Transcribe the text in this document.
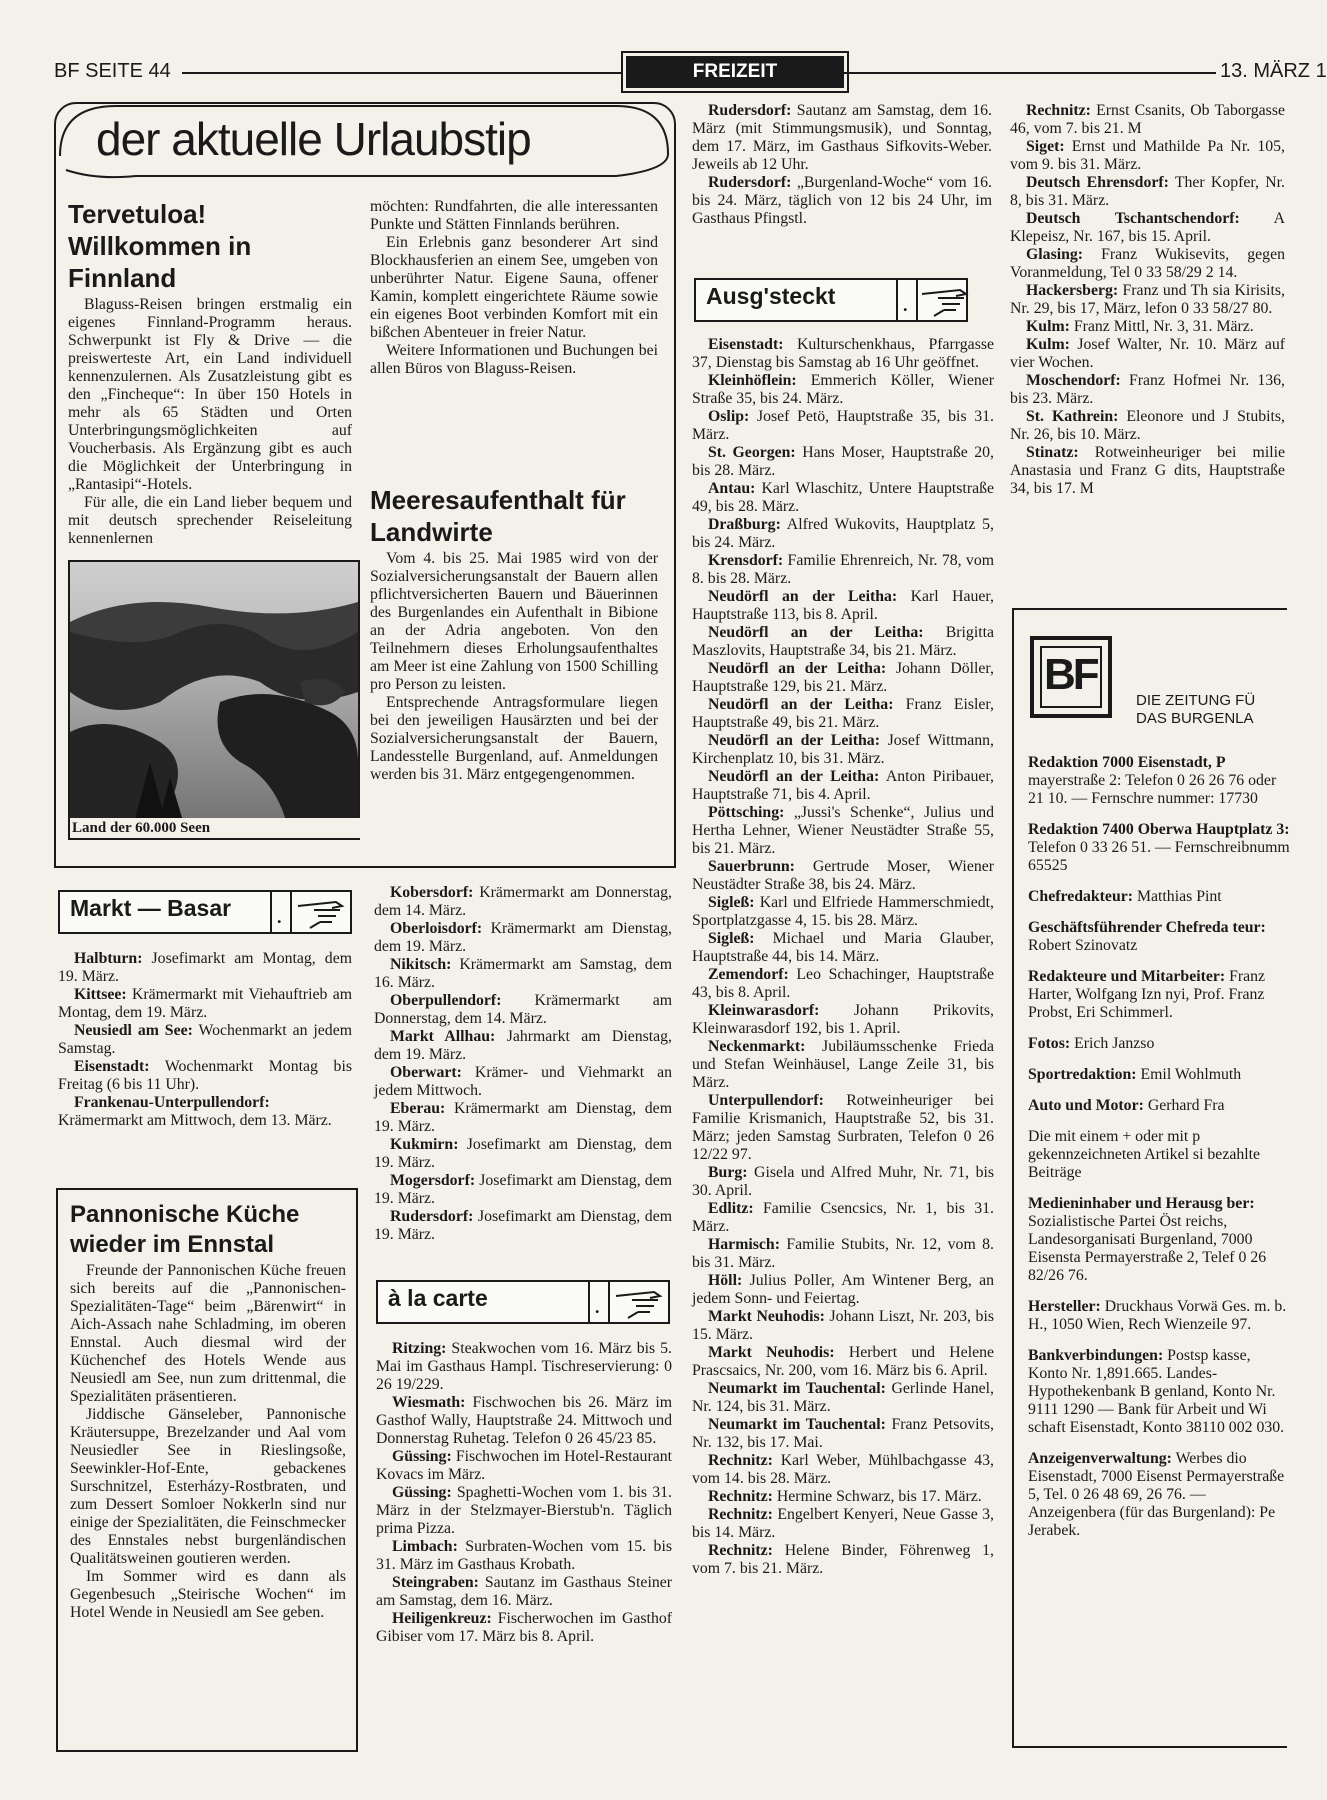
BF SEITE 44	FREIZEIT	13. MÄRZ 1
der aktuelle Urlaubstip
Tervetuloa! Willkommen in Finnland

Blaguss-Reisen bringen erstmalig ein eigenes Finnland-Programm heraus. Schwerpunkt ist Fly & Drive — die preiswerteste Art, ein Land individuell kennenzulernen. Als Zusatzleistung gibt es den „Fincheque“: In über 150 Hotels in mehr als 65 Städten und Orten Unterbringungsmöglichkeiten auf Voucherbasis. Als Ergänzung gibt es auch die Möglichkeit der Unterbringung in „Rantasipi“-Hotels.

Für alle, die ein Land lieber bequem und mit deutsch sprechender Reiseleitung kennenlernen

Land der 60.000 Seen

möchten: Rundfahrten, die alle interessanten Punkte und Stätten Finnlands berühren.

Ein Erlebnis ganz besonderer Art sind Blockhausferien an einem See, umgeben von unberührter Natur. Eigene Sauna, offener Kamin, komplett eingerichtete Räume sowie ein eigenes Boot verbinden Komfort mit ein bißchen Abenteuer in freier Natur.

Weitere Informationen und Buchungen bei allen Büros von Blaguss-Reisen.

Meeresaufenthalt für Landwirte

Vom 4. bis 25. Mai 1985 wird von der Sozialversicherungsanstalt der Bauern allen pflichtversicherten Bauern und Bäuerinnen des Burgenlandes ein Aufenthalt in Bibione an der Adria angeboten. Von den Teilnehmern dieses Erholungsaufenthaltes am Meer ist eine Zahlung von 1500 Schilling pro Person zu leisten.

Entsprechende Antragsformulare liegen bei den jeweiligen Hausärzten und bei der Sozialversicherungsanstalt der Bauern, Landesstelle Burgenland, auf. Anmeldungen werden bis 31. März entgegengenommen.

Markt — Basar	.

Halbturn: Josefimarkt am Montag, dem 19. März.

Kittsee: Krämermarkt mit Viehauftrieb am Montag, dem 19. März.

Neusiedl am See: Wochenmarkt an jedem Samstag.

Eisenstadt: Wochenmarkt Montag bis Freitag (6 bis 11 Uhr).

Frankenau-Unterpullendorf: Krämermarkt am Mittwoch, dem 13. März.

Kobersdorf: Krämermarkt am Donnerstag, dem 14. März.

Oberloisdorf: Krämermarkt am Dienstag, dem 19. März.

Nikitsch: Krämermarkt am Samstag, dem 16. März.

Oberpullendorf: Krämermarkt am Donnerstag, dem 14. März.

Markt Allhau: Jahrmarkt am Dienstag, dem 19. März.

Oberwart: Krämer- und Viehmarkt an jedem Mittwoch.

Eberau: Krämermarkt am Dienstag, dem 19. März.

Kukmirn: Josefimarkt am Dienstag, dem 19. März.

Mogersdorf: Josefimarkt am Dienstag, dem 19. März.

Rudersdorf: Josefimarkt am Dienstag, dem 19. März.

Pannonische Küche wieder im Ennstal

Freunde der Pannonischen Küche freuen sich bereits auf die „Pannonischen-Spezialitäten-Tage“ beim „Bärenwirt“ in Aich-Assach nahe Schladming, im oberen Ennstal. Auch diesmal wird der Küchenchef des Hotels Wende aus Neusiedl am See, nun zum drittenmal, die Spezialitäten präsentieren.

Jiddische Gänseleber, Pannonische Kräutersuppe, Brezelzander und Aal vom Neusiedler See in Rieslingsoße, Seewinkler-Hof-Ente, gebackenes Surschnitzel, Esterházy-Rostbraten, und zum Dessert Somloer Nokkerln sind nur einige der Spezialitäten, die Feinschmecker des Ennstales nebst burgenländischen Qualitätsweinen goutieren werden.

Im Sommer wird es dann als Gegenbesuch „Steirische Wochen“ im Hotel Wende in Neusiedl am See geben.

à la carte	.

Ritzing: Steakwochen vom 16. März bis 5. Mai im Gasthaus Hampl. Tischreservierung: 0 26 19/229.

Wiesmath: Fischwochen bis 26. März im Gasthof Wally, Hauptstraße 24. Mittwoch und Donnerstag Ruhetag. Telefon 0 26 45/23 85.

Güssing: Fischwochen im Hotel-Restaurant Kovacs im März.

Güssing: Spaghetti-Wochen vom 1. bis 31. März in der Stelzmayer-Bierstub'n. Täglich prima Pizza.

Limbach: Surbraten-Wochen vom 15. bis 31. März im Gasthaus Krobath.

Steingraben: Sautanz im Gasthaus Steiner am Samstag, dem 16. März.

Heiligenkreuz: Fischerwochen im Gasthof Gibiser vom 17. März bis 8. April.

Rudersdorf: Sautanz am Samstag, dem 16. März (mit Stimmungsmusik), und Sonntag, dem 17. März, im Gasthaus Sifkovits-Weber. Jeweils ab 12 Uhr.

Rudersdorf: „Burgenland-Woche“ vom 16. bis 24. März, täglich von 12 bis 24 Uhr, im Gasthaus Pfingstl.

Ausg'steckt	.

Eisenstadt: Kulturschenkhaus, Pfarrgasse 37, Dienstag bis Samstag ab 16 Uhr geöffnet.

Kleinhöflein: Emmerich Köller, Wiener Straße 35, bis 24. März.

Oslip: Josef Petö, Hauptstraße 35, bis 31. März.

St. Georgen: Hans Moser, Hauptstraße 20, bis 28. März.

Antau: Karl Wlaschitz, Untere Hauptstraße 49, bis 28. März.

Draßburg: Alfred Wukovits, Hauptplatz 5, bis 24. März.

Krensdorf: Familie Ehrenreich, Nr. 78, vom 8. bis 28. März.

Neudörfl an der Leitha: Karl Hauer, Hauptstraße 113, bis 8. April.

Neudörfl an der Leitha: Brigitta Maszlovits, Hauptstraße 34, bis 21. März.

Neudörfl an der Leitha: Johann Döller, Hauptstraße 129, bis 21. März.

Neudörfl an der Leitha: Franz Eisler, Hauptstraße 49, bis 21. März.

Neudörfl an der Leitha: Josef Wittmann, Kirchenplatz 10, bis 31. März.

Neudörfl an der Leitha: Anton Piribauer, Hauptstraße 71, bis 4. April.

Pöttsching: „Jussi's Schenke“, Julius und Hertha Lehner, Wiener Neustädter Straße 55, bis 21. März.

Sauerbrunn: Gertrude Moser, Wiener Neustädter Straße 38, bis 24. März.

Sigleß: Karl und Elfriede Hammerschmiedt, Sportplatzgasse 4, 15. bis 28. März.

Sigleß: Michael und Maria Glauber, Hauptstraße 44, bis 14. März.

Zemendorf: Leo Schachinger, Hauptstraße 43, bis 8. April.

Kleinwarasdorf: Johann Prikovits, Kleinwarasdorf 192, bis 1. April.

Neckenmarkt: Jubiläumsschenke Frieda und Stefan Weinhäusel, Lange Zeile 31, bis März.

Unterpullendorf: Rotweinheuriger bei Familie Krismanich, Hauptstraße 52, bis 31. März; jeden Samstag Surbraten, Telefon 0 26 12/22 97.

Burg: Gisela und Alfred Muhr, Nr. 71, bis 30. April.

Edlitz: Familie Csencsics, Nr. 1, bis 31. März.

Harmisch: Familie Stubits, Nr. 12, vom 8. bis 31. März.

Höll: Julius Poller, Am Wintener Berg, an jedem Sonn- und Feiertag.

Markt Neuhodis: Johann Liszt, Nr. 203, bis 15. März.

Markt Neuhodis: Herbert und Helene Prascsaics, Nr. 200, vom 16. März bis 6. April.

Neumarkt im Tauchental: Gerlinde Hanel, Nr. 124, bis 31. März.

Neumarkt im Tauchental: Franz Petsovits, Nr. 132, bis 17. Mai.

Rechnitz: Karl Weber, Mühlbachgasse 43, vom 14. bis 28. März.

Rechnitz: Hermine Schwarz, bis 17. März.

Rechnitz: Engelbert Kenyeri, Neue Gasse 3, bis 14. März.

Rechnitz: Helene Binder, Föhrenweg 1, vom 7. bis 21. März.

Rechnitz: Ernst Csanits, Ob Taborgasse 46, vom 7. bis 21. M

Siget: Ernst und Mathilde Pa Nr. 105, vom 9. bis 31. März.

Deutsch Ehrensdorf: Ther Kopfer, Nr. 8, bis 31. März.

Deutsch Tschantschendorf: A Klepeisz, Nr. 167, bis 15. April.

Glasing: Franz Wukisevits, gegen Voranmeldung, Tel 0 33 58/29 2 14.

Hackersberg: Franz und Th sia Kirisits, Nr. 29, bis 17, März, lefon 0 33 58/27 80.

Kulm: Franz Mittl, Nr. 3, 31. März.

Kulm: Josef Walter, Nr. 10. März auf vier Wochen.

Moschendorf: Franz Hofmei Nr. 136, bis 23. März.

St. Kathrein: Eleonore und J Stubits, Nr. 26, bis 10. März.

Stinatz: Rotweinheuriger bei milie Anastasia und Franz G dits, Hauptstraße 34, bis 17. M

BF
DIE ZEITUNG FÜ
DAS BURGENLA

Redaktion 7000 Eisenstadt, P mayerstraße 2: Telefon 0 26 26 76 oder 21 10. — Fernschre nummer: 17730

Redaktion 7400 Oberwa Hauptplatz 3: Telefon 0 33 26 51. — Fernschreibnumm 65525

Chefredakteur: Matthias Pint

Geschäftsführender Chefreda teur: Robert Szinovatz

Redakteure und Mitarbeiter: Franz Harter, Wolfgang Izn nyi, Prof. Franz Probst, Eri Schimmerl.

Fotos: Erich Janzso

Sportredaktion: Emil Wohlmuth

Auto und Motor: Gerhard Fra

Die mit einem + oder mit p gekennzeichneten Artikel si bezahlte Beiträge

Medieninhaber und Herausg ber: Sozialistische Partei Öst reichs, Landesorganisati Burgenland, 7000 Eisensta Permayerstraße 2, Telef 0 26 82/26 76.

Hersteller: Druckhaus Vorwä Ges. m. b. H., 1050 Wien, Rech Wienzeile 97.

Bankverbindungen: Postsp kasse, Konto Nr. 1,891.665. Landes-Hypothekenbank B genland, Konto Nr. 9111 1290 — Bank für Arbeit und Wi schaft Eisenstadt, Konto 38110 002 030.

Anzeigenverwaltung: Werbes dio Eisenstadt, 7000 Eisenst Permayerstraße 5, Tel. 0 26 48 69, 26 76. — Anzeigenbera (für das Burgenland): Pe Jerabek.
